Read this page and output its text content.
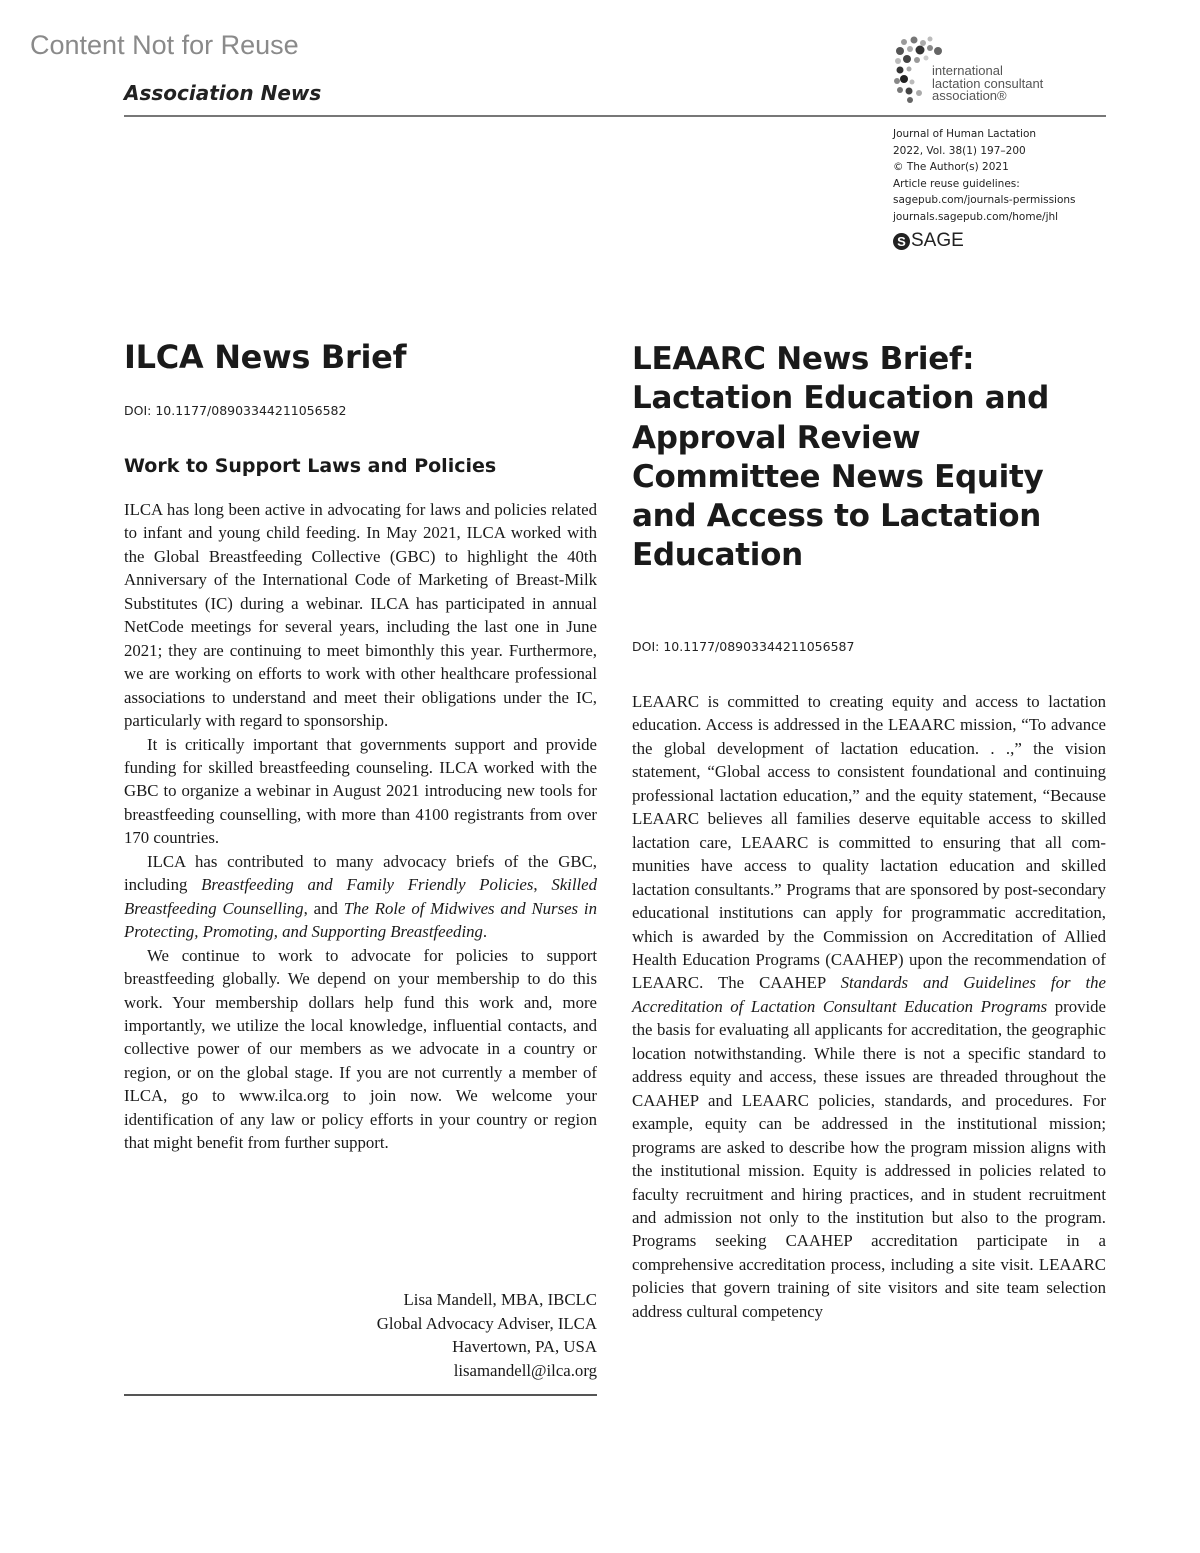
Content Not for Reuse
Association News
international
lactation consultant
association®
Journal of Human Lactation
2022, Vol. 38(1) 197–200
© The Author(s) 2021
Article reuse guidelines:
sagepub.com/journals-permissions
journals.sagepub.com/home/jhl
S SAGE
ILCA News Brief
DOI: 10.1177/08903344211056582
Work to Support Laws and Policies

ILCA has long been active in advocating for laws and policies related to infant and young child feeding. In May 2021, ILCA worked with the Global Breastfeeding Collective (GBC) to highlight the 40th Anniversary of the International Code of Marketing of Breast-Milk Substitutes (IC) during a webinar. ILCA has participated in annual NetCode meetings for several years, including the last one in June 2021; they are continuing to meet bimonthly this year. Furthermore, we are working on efforts to work with other healthcare professional associations to understand and meet their obligations under the IC, particularly with regard to sponsorship.

It is critically important that governments support and provide funding for skilled breastfeeding counseling. ILCA worked with the GBC to organize a webinar in August 2021 introducing new tools for breastfeeding counselling, with more than 4100 registrants from over 170 countries.

ILCA has contributed to many advocacy briefs of the GBC, including Breastfeeding and Family Friendly Policies, Skilled Breastfeeding Counselling, and The Role of Midwives and Nurses in Protecting, Promoting, and Supporting Breastfeeding.

We continue to work to advocate for policies to support breastfeeding globally. We depend on your membership to do this work. Your membership dollars help fund this work and, more importantly, we utilize the local knowledge, influential contacts, and collective power of our members as we advocate in a country or region, or on the global stage. If you are not currently a member of ILCA, go to www.ilca.org to join now. We welcome your identification of any law or policy efforts in your country or region that might benefit from further support.

Lisa Mandell, MBA, IBCLC
Global Advocacy Adviser, ILCA
Havertown, PA, USA
lisamandell@ilca.org
LEAARC News Brief: Lactation Education and Approval Review Committee News Equity and Access to Lactation Education
DOI: 10.1177/08903344211056587

LEAARC is committed to creating equity and access to lactation education. Access is addressed in the LEAARC mission, “To advance the global development of lactation education. . .,” the vision statement, “Global access to consistent foundational and continuing professional lactation education,” and the equity statement, “Because LEAARC believes all families deserve equitable access to skilled lactation care, LEAARC is committed to ensuring that all communities have access to quality lactation education and skilled lactation consultants.” Programs that are sponsored by post-secondary educational institutions can apply for programmatic accreditation, which is awarded by the Commission on Accreditation of Allied Health Education Programs (CAAHEP) upon the recommendation of LEAARC. The CAAHEP Standards and Guidelines for the Accreditation of Lactation Consultant Education Programs provide the basis for evaluating all applicants for accreditation, the geographic location notwithstanding. While there is not a specific standard to address equity and access, these issues are threaded throughout the CAAHEP and LEAARC policies, standards, and procedures. For example, equity can be addressed in the institutional mission; programs are asked to describe how the program mission aligns with the institutional mission. Equity is addressed in policies related to faculty recruitment and hiring practices, and in student recruitment and admission not only to the institution but also to the program. Programs seeking CAAHEP accreditation participate in a comprehensive accreditation process, including a site visit. LEAARC policies that govern training of site visitors and site team selection address cultural competency
